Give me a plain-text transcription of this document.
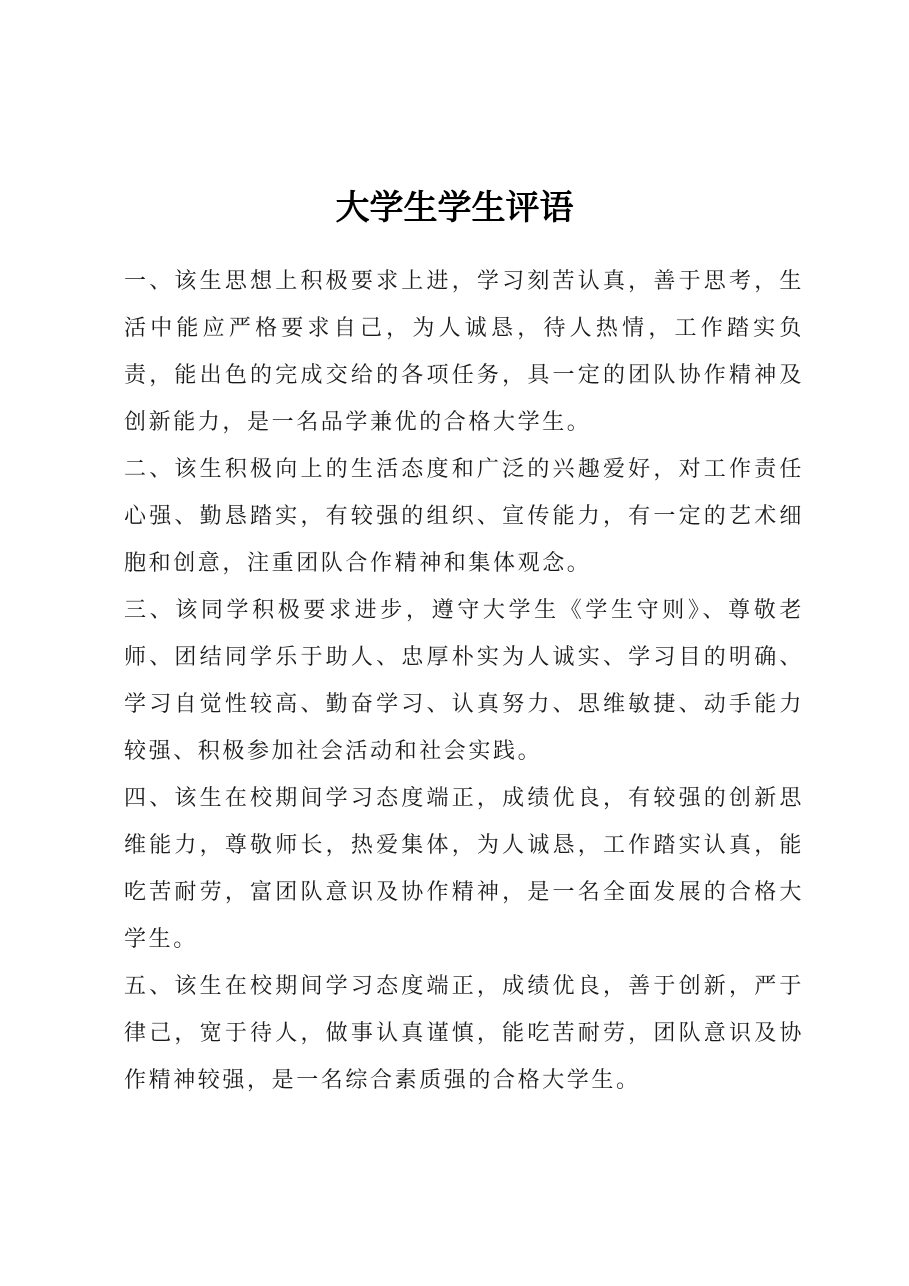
大学生学生评语

一、该生思想上积极要求上进，学习刻苦认真，善于思考，生活中能应严格要求自己，为人诚恳，待人热情，工作踏实负责，能出色的完成交给的各项任务，具一定的团队协作精神及创新能力，是一名品学兼优的合格大学生。

二、该生积极向上的生活态度和广泛的兴趣爱好，对工作责任心强、勤恳踏实，有较强的组织、宣传能力，有一定的艺术细胞和创意，注重团队合作精神和集体观念。

三、该同学积极要求进步，遵守大学生《学生守则》、尊敬老师、团结同学乐于助人、忠厚朴实为人诚实、学习目的明确、学习自觉性较高、勤奋学习、认真努力、思维敏捷、动手能力较强、积极参加社会活动和社会实践。

四、该生在校期间学习态度端正，成绩优良，有较强的创新思维能力，尊敬师长，热爱集体，为人诚恳，工作踏实认真，能吃苦耐劳，富团队意识及协作精神，是一名全面发展的合格大学生。

五、该生在校期间学习态度端正，成绩优良，善于创新，严于律己，宽于待人，做事认真谨慎，能吃苦耐劳，团队意识及协作精神较强，是一名综合素质强的合格大学生。
